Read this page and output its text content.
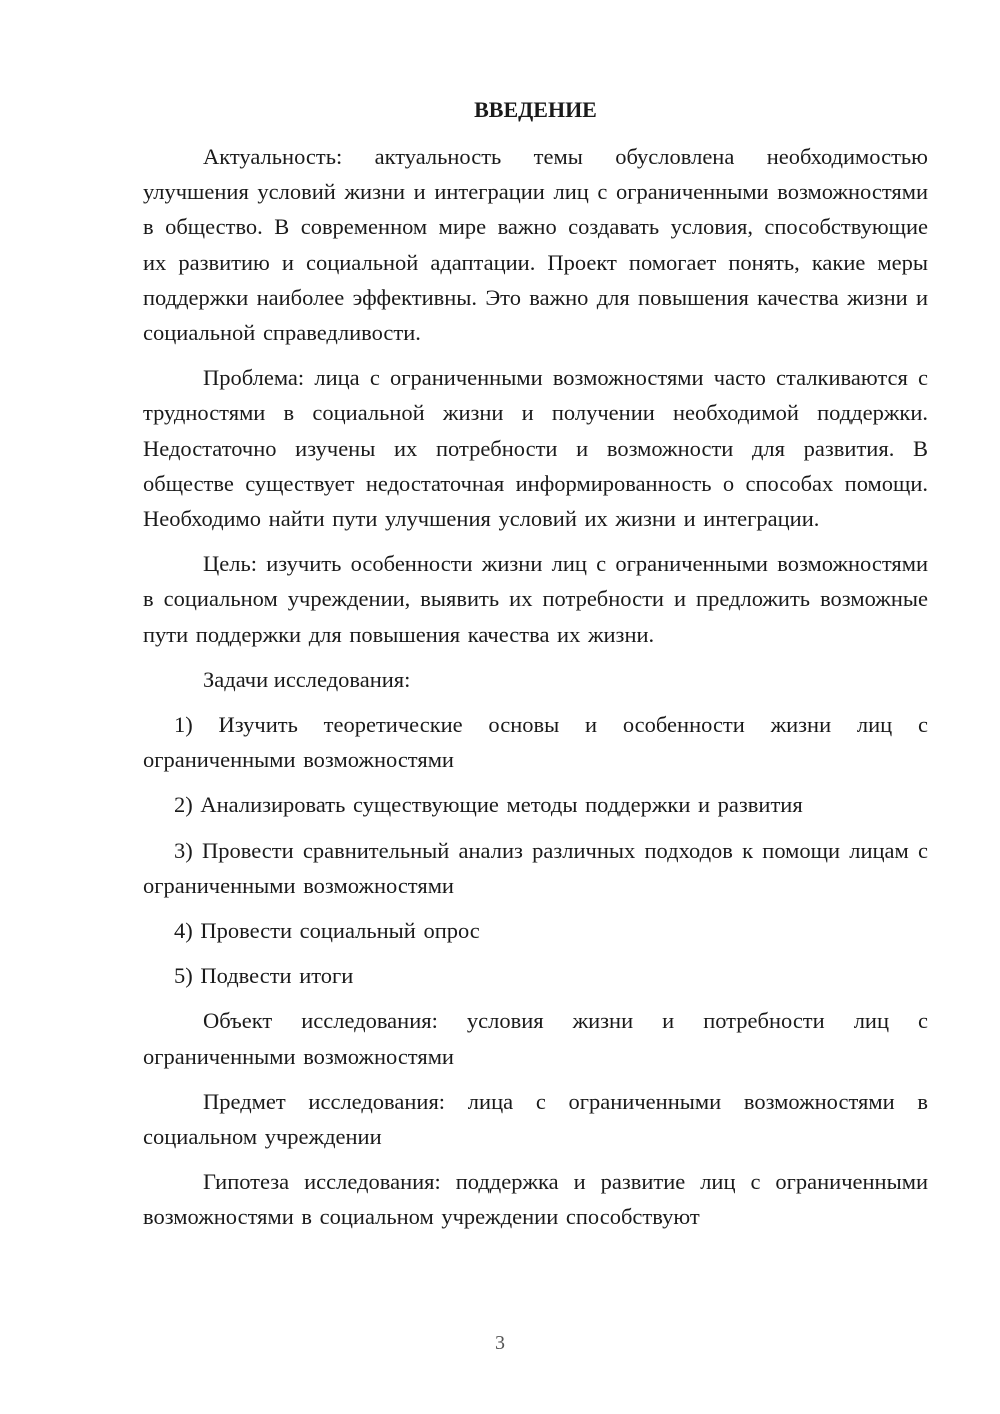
ВВЕДЕНИЕ

Актуальность: актуальность темы обусловлена необходимостью улучшения условий жизни и интеграции лиц с ограниченными возможностями в общество. В современном мире важно создавать условия, способствующие их развитию и социальной адаптации. Проект помогает понять, какие меры поддержки наиболее эффективны. Это важно для повышения качества жизни и социальной справедливости.

Проблема: лица с ограниченными возможностями часто сталкиваются с трудностями в социальной жизни и получении необходимой поддержки. Недостаточно изучены их потребности и возможности для развития. В обществе существует недостаточная информированность о способах помощи. Необходимо найти пути улучшения условий их жизни и интеграции.

Цель: изучить особенности жизни лиц с ограниченными возможностями в социальном учреждении, выявить их потребности и предложить возможные пути поддержки для повышения качества их жизни.

Задачи исследования:

1) Изучить теоретические основы и особенности жизни лиц с ограниченными возможностями

2) Анализировать существующие методы поддержки и развития

3) Провести сравнительный анализ различных подходов к помощи лицам с ограниченными возможностями

4) Провести социальный опрос

5) Подвести итоги

Объект исследования: условия жизни и потребности лиц с ограниченными возможностями

Предмет исследования: лица с ограниченными возможностями в социальном учреждении

Гипотеза исследования: поддержка и развитие лиц с ограниченными возможностями в социальном учреждении способствуют

3
